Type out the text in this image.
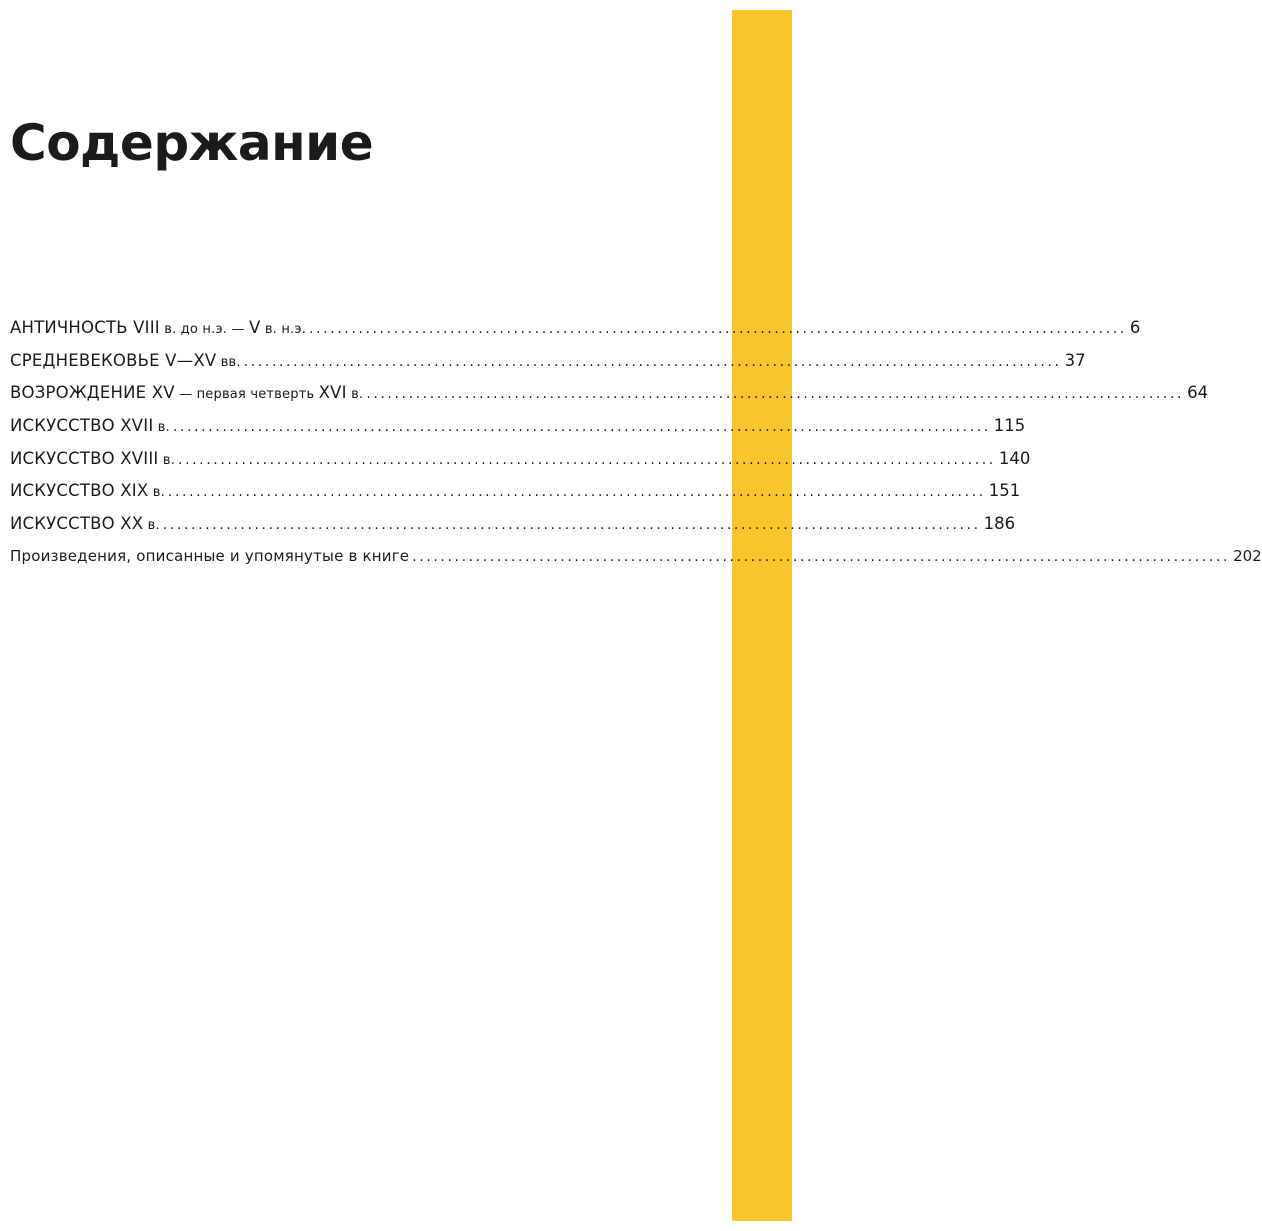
Содержание
АНТИЧНОСТЬ VIII в. до н.э. — V в. н.э. .................................................................................................................... 6
СРЕДНЕВЕКОВЬЕ V—XV вв. .................................................................................................................... 37
ВОЗРОЖДЕНИЕ XV — первая четверть XVI в. .................................................................................................................... 64
ИСКУССТВО XVII в. .................................................................................................................... 115
ИСКУССТВО XVIII в. .................................................................................................................... 140
ИСКУССТВО XIX в. .................................................................................................................... 151
ИСКУССТВО XX в. .................................................................................................................... 186
Произведения, описанные и упомянутые в книге .................................................................................................................... 202
